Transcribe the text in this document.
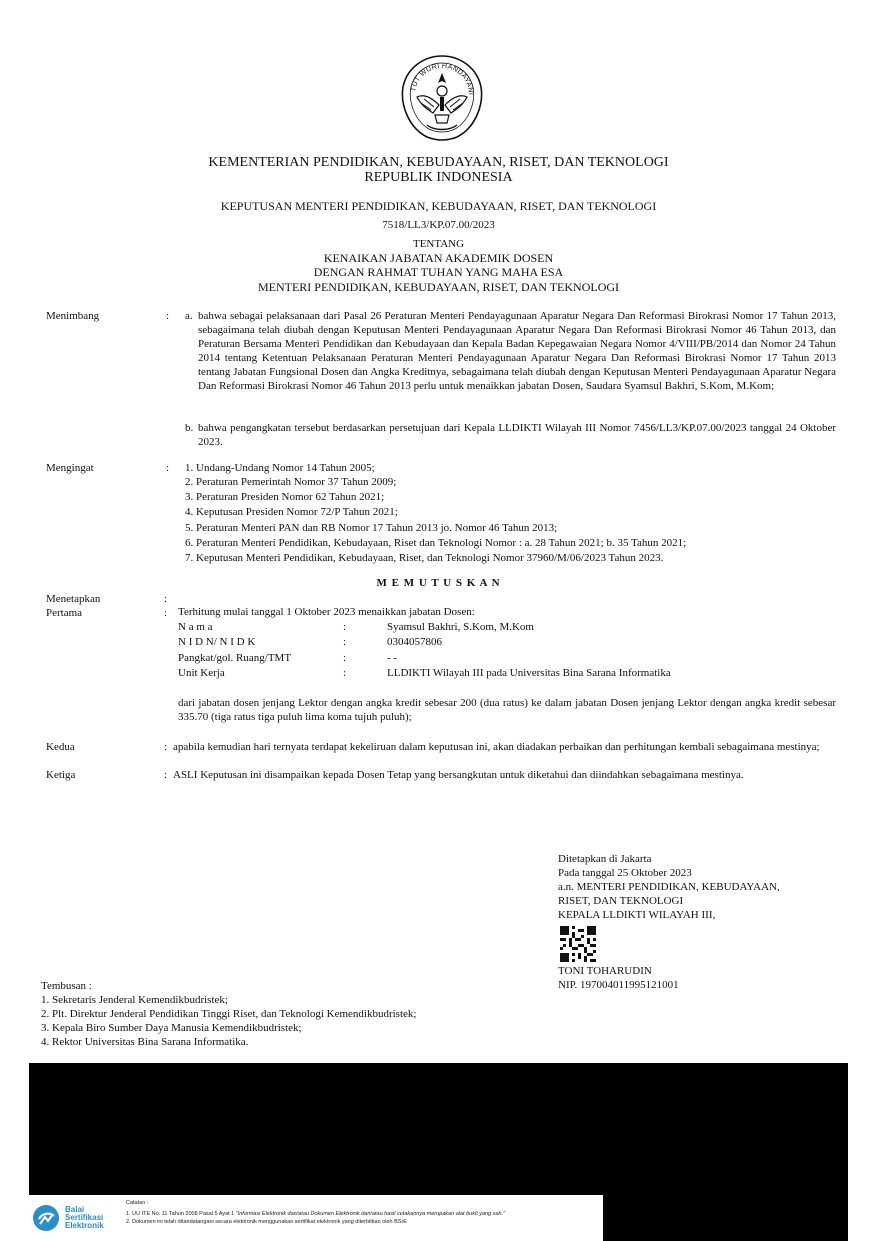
TUT WURI HANDAYANI
KEMENTERIAN PENDIDIKAN, KEBUDAYAAN, RISET, DAN TEKNOLOGI
REPUBLIK INDONESIA
KEPUTUSAN MENTERI PENDIDIKAN, KEBUDAYAAN, RISET, DAN TEKNOLOGI
7518/LL3/KP.07.00/2023
TENTANG
KENAIKAN JABATAN AKADEMIK DOSEN
DENGAN RAHMAT TUHAN YANG MAHA ESA
MENTERI PENDIDIKAN, KEBUDAYAAN, RISET, DAN TEKNOLOGI
Menimbang	: a. bahwa sebagai pelaksanaan dari Pasal 26 Peraturan Menteri Pendayagunaan Aparatur Negara Dan Reformasi Birokrasi Nomor 17 Tahun 2013, sebagaimana telah diubah dengan Keputusan Menteri Pendayagunaan Aparatur Negara Dan Reformasi Birokrasi Nomor 46 Tahun 2013, dan Peraturan Bersama Menteri Pendidikan dan Kebudayaan dan Kepala Badan Kepegawaian Negara Nomor 4/VIII/PB/2014 dan Nomor 24 Tahun 2014 tentang Ketentuan Pelaksanaan Peraturan Menteri Pendayagunaan Aparatur Negara Dan Reformasi Birokrasi Nomor 17 Tahun 2013 tentang Jabatan Fungsional Dosen dan Angka Kreditnya, sebagaimana telah diubah dengan Keputusan Menteri Pendayagunaan Aparatur Negara Dan Reformasi Birokrasi Nomor 46 Tahun 2013 perlu untuk menaikkan jabatan Dosen, Saudara Syamsul Bakhri, S.Kom, M.Kom;
b. bahwa pengangkatan tersebut berdasarkan persetujuan dari Kepala LLDIKTI Wilayah III Nomor 7456/LL3/KP.07.00/2023 tanggal 24 Oktober 2023.
Mengingat	: 1. Undang-Undang Nomor 14 Tahun 2005;
2. Peraturan Pemerintah Nomor 37 Tahun 2009;
3. Peraturan Presiden Nomor 62 Tahun 2021;
4. Keputusan Presiden Nomor 72/P Tahun 2021;
5. Peraturan Menteri PAN dan RB Nomor 17 Tahun 2013 jo. Nomor 46 Tahun 2013;
6. Peraturan Menteri Pendidikan, Kebudayaan, Riset dan Teknologi Nomor : a. 28 Tahun 2021; b. 35 Tahun 2021;
7. Keputusan Menteri Pendidikan, Kebudayaan, Riset, dan Teknologi Nomor 37960/M/06/2023 Tahun 2023.
M E M U T U S K A N
Menetapkan	:
Pertama	: Terhitung mulai tanggal 1 Oktober 2023 menaikkan jabatan Dosen:
N a m a	:	Syamsul Bakhri, S.Kom, M.Kom
N I D N/ N I D K	:	0304057806
Pangkat/gol. Ruang/TMT	:	- -
Unit Kerja	:	LLDIKTI Wilayah III pada Universitas Bina Sarana Informatika
dari jabatan dosen jenjang Lektor dengan angka kredit sebesar 200 (dua ratus) ke dalam jabatan Dosen jenjang Lektor dengan angka kredit sebesar 335.70 (tiga ratus tiga puluh lima koma tujuh puluh);
Kedua	: apabila kemudian hari ternyata terdapat kekeliruan dalam keputusan ini, akan diadakan perbaikan dan perhitungan kembali sebagaimana mestinya;
Ketiga	: ASLI Keputusan ini disampaikan kepada Dosen Tetap yang bersangkutan untuk diketahui dan diindahkan sebagaimana mestinya.
Ditetapkan di Jakarta
Pada tanggal 25 Oktober 2023
a.n. MENTERI PENDIDIKAN, KEBUDAYAAN,
RISET, DAN TEKNOLOGI
KEPALA LLDIKTI WILAYAH III,
TONI TOHARUDIN
NIP. 197004011995121001
Tembusan :
1. Sekretaris Jenderal Kemendikbudristek;
2. Plt. Direktur Jenderal Pendidikan Tinggi Riset, dan Teknologi Kemendikbudristek;
3. Kepala Biro Sumber Daya Manusia Kemendikbudristek;
4. Rektor Universitas Bina Sarana Informatika.
Balai
Sertifikasi
Elektronik
Catatan :
1. UU ITE No. 11 Tahun 2008 Pasal 5 Ayat 1 "Informasi Elektronik dan/atau Dokumen Elektronik dan/atau hasil cetakannya merupakan alat bukti yang sah."
2. Dokumen ini telah ditandatangani secara elektronik menggunakan sertifikat elektronik yang diterbitkan oleh BSrE
